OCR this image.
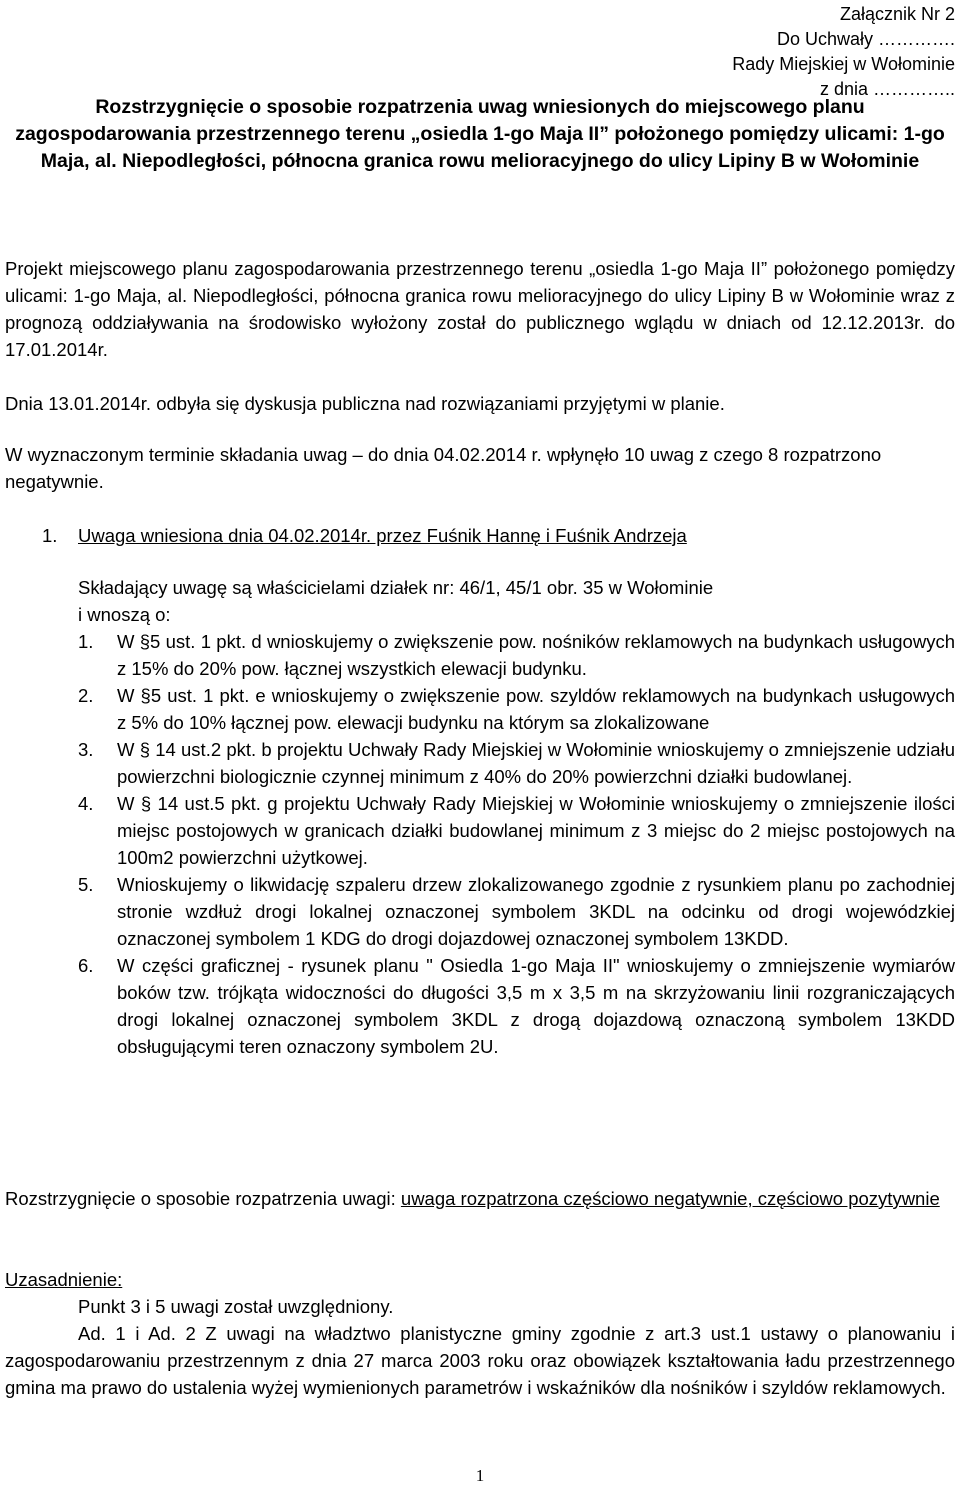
Załącznik Nr 2
Do Uchwały ………….
Rady Miejskiej w Wołominie
z dnia …………..
Rozstrzygnięcie o sposobie rozpatrzenia uwag wniesionych do miejscowego planu zagospodarowania przestrzennego terenu „osiedla 1-go Maja II” położonego pomiędzy ulicami: 1-go Maja, al. Niepodległości, północna granica rowu melioracyjnego do ulicy Lipiny B w Wołominie
Projekt miejscowego planu zagospodarowania przestrzennego terenu „osiedla 1-go Maja II” położonego pomiędzy ulicami: 1-go Maja, al. Niepodległości, północna granica rowu melioracyjnego do ulicy Lipiny B w Wołominie wraz z prognozą oddziaływania na środowisko wyłożony został do publicznego wglądu w dniach od 12.12.2013r. do 17.01.2014r.
Dnia 13.01.2014r. odbyła się dyskusja publiczna nad rozwiązaniami przyjętymi w planie.
W wyznaczonym terminie składania uwag – do dnia 04.02.2014 r. wpłynęło 10 uwag z czego 8 rozpatrzono negatywnie.
1. Uwaga wniesiona dnia 04.02.2014r. przez Fuśnik Hannę i Fuśnik Andrzeja
Składający uwagę są właścicielami działek nr: 46/1, 45/1 obr. 35 w Wołominie
i wnoszą o:
1. W §5 ust. 1 pkt. d wnioskujemy o zwiększenie pow. nośników reklamowych na budynkach usługowych z 15% do 20% pow. łącznej wszystkich elewacji budynku.
2. W §5 ust. 1 pkt. e wnioskujemy o zwiększenie pow. szyldów reklamowych na budynkach usługowych z 5% do 10% łącznej pow. elewacji budynku na którym sa zlokalizowane
3. W § 14 ust.2 pkt. b projektu Uchwały Rady Miejskiej w Wołominie wnioskujemy o zmniejszenie udziału powierzchni biologicznie czynnej minimum z 40% do 20% powierzchni działki budowlanej.
4. W § 14 ust.5 pkt. g projektu Uchwały Rady Miejskiej w Wołominie wnioskujemy o zmniejszenie ilości miejsc postojowych w granicach działki budowlanej minimum z 3 miejsc do 2 miejsc postojowych na 100m2 powierzchni użytkowej.
5. Wnioskujemy o likwidację szpaleru drzew zlokalizowanego zgodnie z rysunkiem planu po zachodniej stronie wzdłuż drogi lokalnej oznaczonej symbolem 3KDL na odcinku od drogi wojewódzkiej oznaczonej symbolem 1 KDG do drogi dojazdowej oznaczonej symbolem 13KDD.
6. W części graficznej - rysunek planu " Osiedla 1-go Maja II" wnioskujemy o zmniejszenie wymiarów boków tzw. trójkąta widoczności do długości 3,5 m x 3,5 m na skrzyżowaniu linii rozgraniczających drogi lokalnej oznaczonej symbolem 3KDL z drogą dojazdową oznaczoną symbolem 13KDD obsługującymi teren oznaczony symbolem 2U.
Rozstrzygnięcie o sposobie rozpatrzenia uwagi: uwaga rozpatrzona częściowo negatywnie, częściowo pozytywnie
Uzasadnienie:
Punkt 3 i 5 uwagi został uwzględniony.
Ad. 1 i Ad. 2 Z uwagi na władztwo planistyczne gminy zgodnie z art.3 ust.1 ustawy o planowaniu i zagospodarowaniu przestrzennym z dnia 27 marca 2003 roku oraz obowiązek kształtowania ładu przestrzennego gmina ma prawo do ustalenia wyżej wymienionych parametrów i wskaźników dla nośników i szyldów reklamowych.
1
